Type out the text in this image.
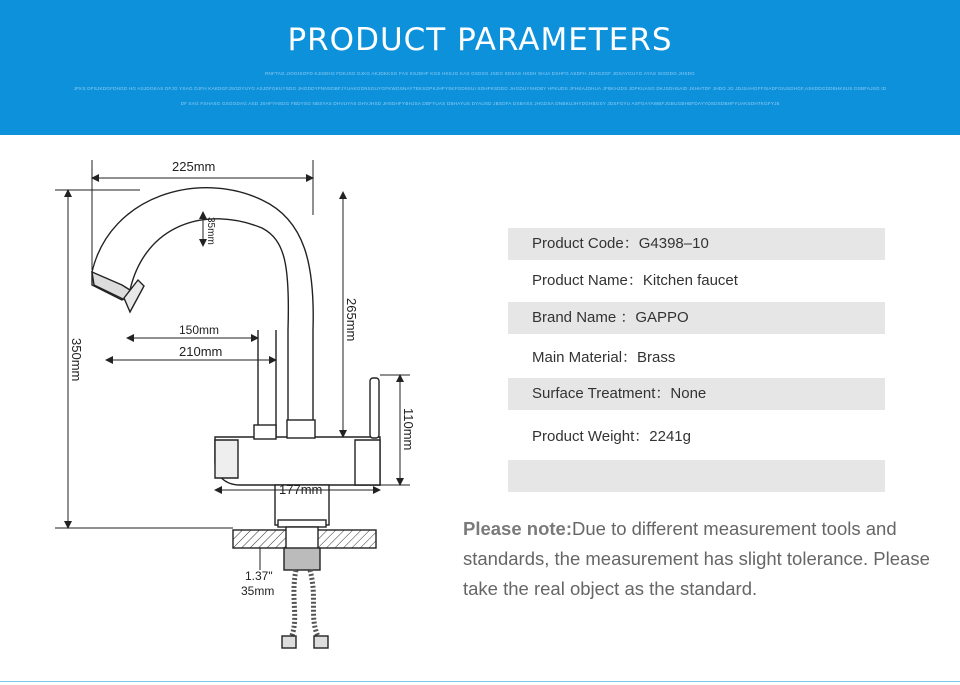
PRODUCT PARAMETERS
RNFTAG JIOGHIOFD KJISDH2 FDKJSG DJKG AKJDKKSG FAS KSJDHF KGS HKKJG KAS GSDSG JSDG KDSAS HSDH SHJA DSHFG ASDFH JDHGZGF JDSAYGUYG AYAS ISGDDG JHSDG
JFKS DFSJKDGFDHGD HG ASJDGKAS DFJG YSAG DJFH KAKDGFJSGDYUYG ASJDFGKUYSDG JHGDDYFNNSDBFJYUAKGDNSGUYGFKWGSNAYTEKSGPKJHFYSKFGD9SUI SDHFKSDDG JHGDUYSHDBY HFKUDS JFHKAJDHUA JFBKHJDS JDFKUASG DKJSDHSAID JKHHTDF JHDG JG JDJSAHGFFISADFGIUSDHGF,ASKDDGDDBHKSUS DSBFAJSG ID
DF SAG FSHASG GSGGDAG ASD JSHFYHSDG FBDYSG NBSYAS DHVUYAS DHVJHSD JHSDHFYBHJSA DBFYUAS DBHAYUS DYAUSD JBSDFA DSBASS JHGDSA DNBKUJHYDGHBGSY JDSFGYU ASFGAYAWBFJGBUGBHBFDAYYDSDSDBHFYUAKSDHTKGFYJ8
225mm
35mm
265mm
150mm
210mm
350mm
110mm
177mm
1.37"
35mm
Product Code：G4398–10
Product Name：Kitchen faucet
Brand Name ：GAPPO
Main Material：Brass
Surface Treatment：None
Product Weight：2241g
Please note:Due to different measurement tools and standards, the measurement has slight tolerance. Please take the real object as the standard.
